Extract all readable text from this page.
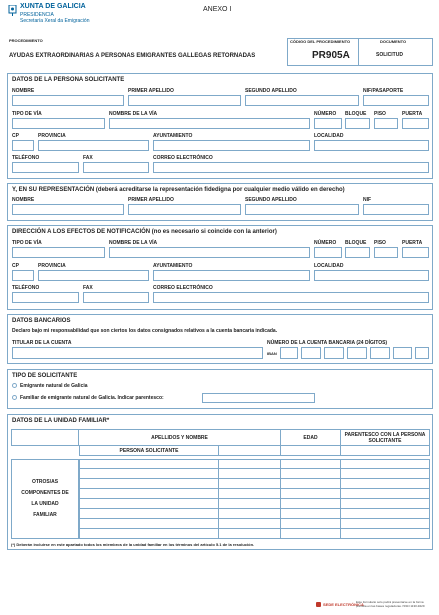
XUNTA DE GALICIA
PRESIDENCIA
Secretaría Xeral da Emigración
ANEXO I
PROCEDIMIENTO
AYUDAS EXTRAORDINARIAS A PERSONAS EMIGRANTES GALLEGAS RETORNADAS
CÓDIGO DEL PROCEDIMIENTO
PR905A
DOCUMENTO
SOLICITUD
DATOS DE LA PERSONA SOLICITANTE
NOMBRE	PRIMER APELLIDO	SEGUNDO APELLIDO	NIF/PASAPORTE
TIPO DE VÍA	NOMBRE DE LA VÍA	NÚMERO BLOQUE PISO	PUERTA
CP	PROVINCIA	AYUNTAMIENTO	LOCALIDAD
TELÉFONO	FAX	CORREO ELECTRÓNICO
Y, EN SU REPRESENTACIÓN (deberá acreditarse la representación fidedigna por cualquier medio válido en derecho)
NOMBRE	PRIMER APELLIDO	SEGUNDO APELLIDO	NIF
DIRECCIÓN A LOS EFECTOS DE NOTIFICACIÓN (no es necesario si coincide con la anterior)
TIPO DE VÍA	NOMBRE DE LA VÍA	NÚMERO BLOQUE PISO	PUERTA
CP	PROVINCIA	AYUNTAMIENTO	LOCALIDAD
TELÉFONO	FAX	CORREO ELECTRÓNICO
DATOS BANCARIOS
Declaro bajo mi responsabilidad que son ciertos los datos consignados relativos a la cuenta bancaria indicada.
TITULAR DE LA CUENTA	NÚMERO DE LA CUENTA BANCARIA (24 DÍGITOS)
IBAN
TIPO DE SOLICITANTE
Emigrante natural de Galicia
Familiar de emigrante natural de Galicia. Indicar parentesco:
DATOS DE LA UNIDAD FAMILIAR*
APELLIDOS Y NOMBRE	EDAD	PARENTESCO CON LA PERSONA SOLICITANTE
PERSONA SOLICITANTE
OTROS/AS COMPONENTES DE LA UNIDAD FAMILIAR
(*) Deberán incluirse en este apartado todos los miembros de la unidad familiar en los términos del artículo 5.1 de la resolución.
SEDE ELECTRÓNICA
Este formulario solo podrá presentarse en la forma prevista en las bases reguladoras. ISSN 1130-9229
